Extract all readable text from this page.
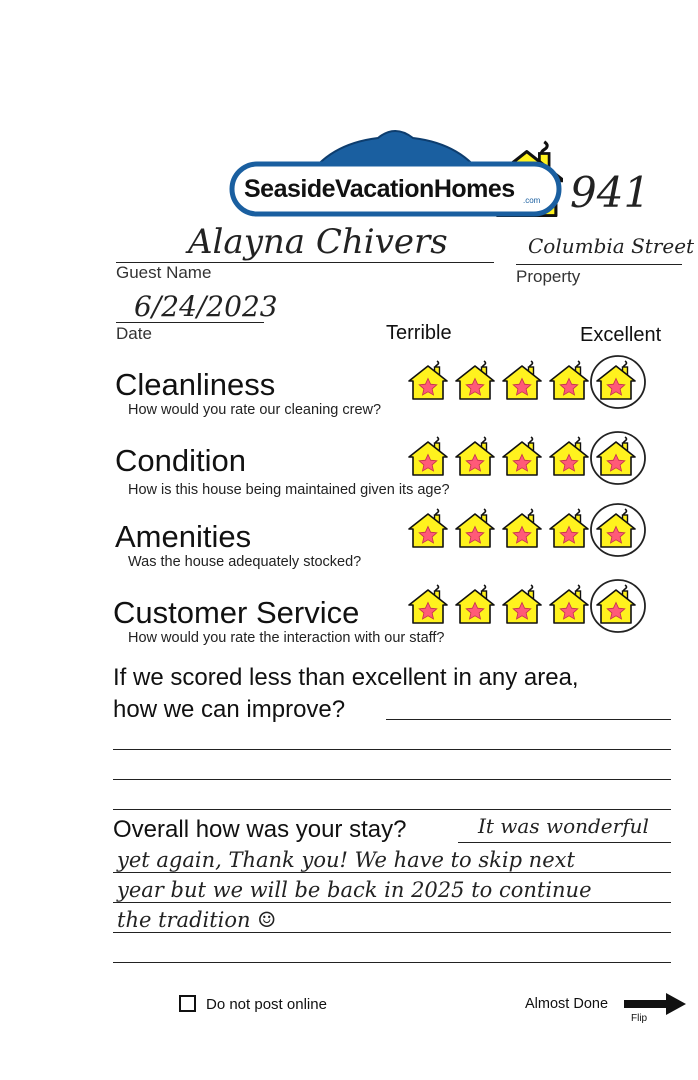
SeasideVacationHomes .com 941
Alayna Chivers
Guest Name
Columbia Street
Property
6/24/2023
Date	Terrible	Excellent
Cleanliness
How would you rate our cleaning crew?
Condition
How is this house being maintained given its age?
Amenities
Was the house adequately stocked?
Customer Service
How would you rate the interaction with our staff?
If we scored less than excellent in any area,
how we can improve?
Overall how was your stay?	It was wonderful
yet again, Thank you! We have to skip next
year but we will be back in 2025 to continue
the tradition ☺
Do not post online	Almost Done
Flip
